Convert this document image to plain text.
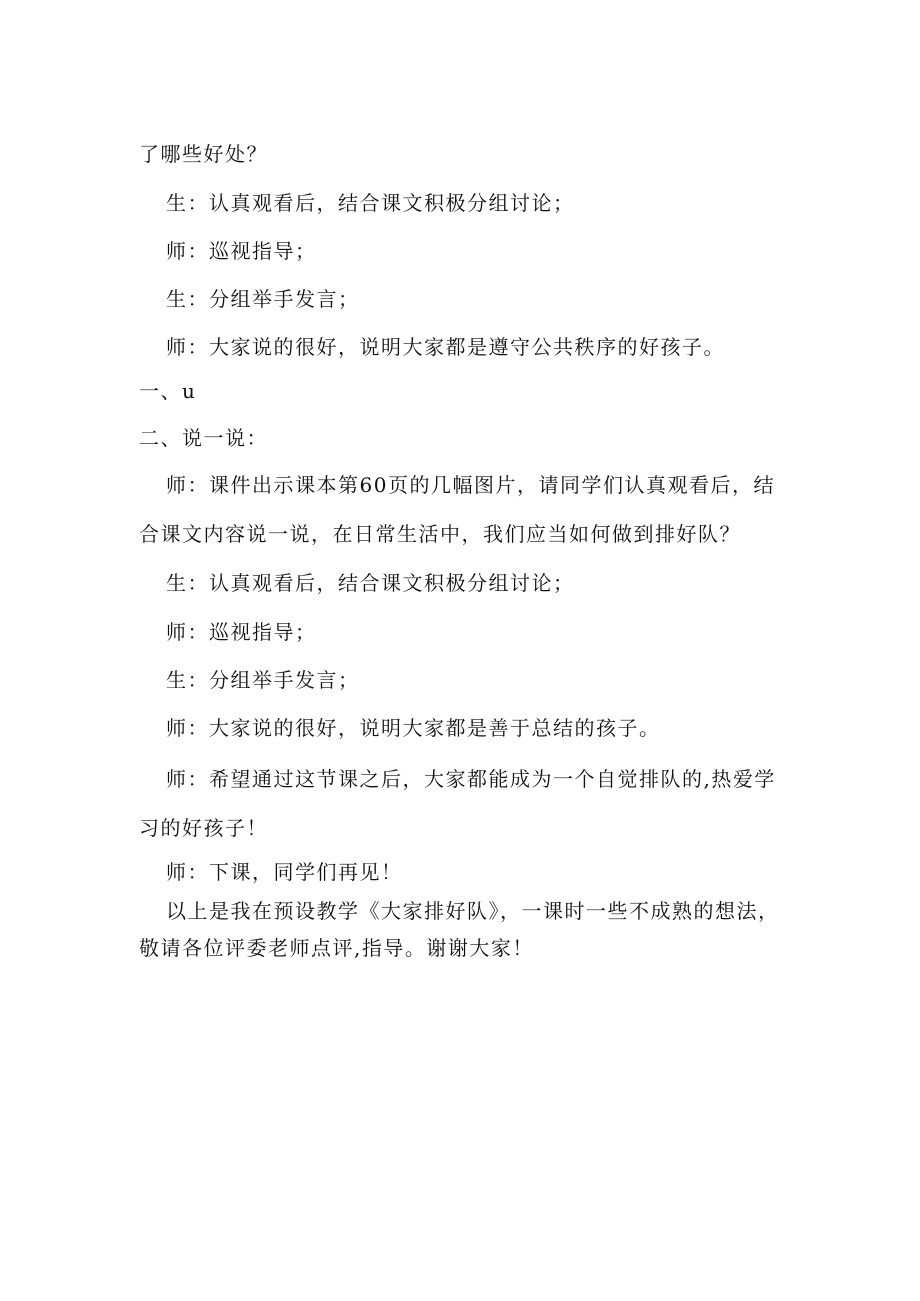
了哪些好处？
生：认真观看后，结合课文积极分组讨论；
师：巡视指导；
生：分组举手发言；
师：大家说的很好，说明大家都是遵守公共秩序的好孩子。
一、u
二、说一说：
师：课件出示课本第60页的几幅图片，请同学们认真观看后，结
合课文内容说一说，在日常生活中，我们应当如何做到排好队？
生：认真观看后，结合课文积极分组讨论；
师：巡视指导；
生：分组举手发言；
师：大家说的很好，说明大家都是善于总结的孩子。
师：希望通过这节课之后，大家都能成为一个自觉排队的,热爱学
习的好孩子！
师：下课，同学们再见！
以上是我在预设教学《大家排好队》，一课时一些不成熟的想法，
敬请各位评委老师点评,指导。谢谢大家！
